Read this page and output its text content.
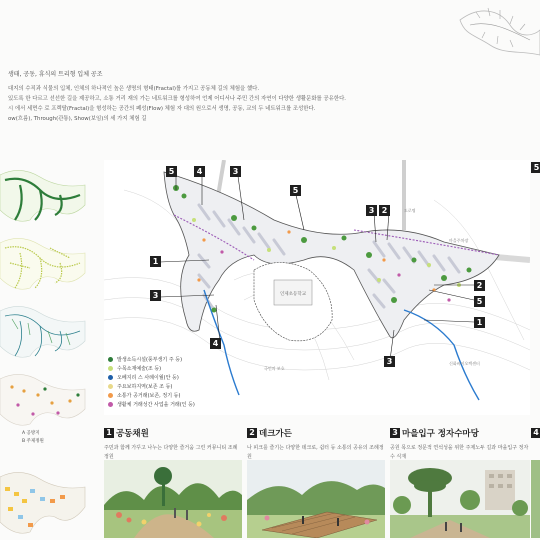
생태, 공동, 휴식의 트리형 입체 공조
대지의 수직과 식물의 입체, 인체의 하나적인 높은 생명의 형태(Fractal)를 가지고 공동체 길의 체험을 했다.
있도록 한 다르고 선선한 길을 제공하고, 소통 거리 재의 가는 네트워크를 형성하여 언제 어디서나 주민 간의 자연이 다양한 생활문화를 공유한다.
시 에서 세면수 로 프렉탈(Fractal)을 형성하는 공간의 폐성(Flow) 체험 자 대의 원으로서 생명, 공동, 교의 두 네트워크를 조성한다.
ow(흐름), Through(관통), Show(보임)의 세 가지 체험 길
A 공방지
B 주제정원
인제초등학교
도로명
마을주차장
신화바이오텍센터
국민의 보호
5	4	3
5
3 2
1
3
4
2
5
1
3
발생소득시설(풍부생기 주 등)
수목소재예술(조 등)
오베지리 스 사례이월(안 등)
주요보하지역(보존 조 등)
소통가 공거래(보존, 정기 등)
생활체 거래성간 사업을 거래(인 등)
5
1 공동채원
주민과 함께 가꾸고 나누는 다양한 즐거움 그린 커뮤니티 조례정원
2 데크가든
나 피크를 즐기는 다양한 데크로, 쉼터 등 소통의 공유의 조례정원
3 마을입구 정자수마당
공원 목으로 정문적 연석성을 위한 주제노두 길과 마을입구 정자수 식재
4
